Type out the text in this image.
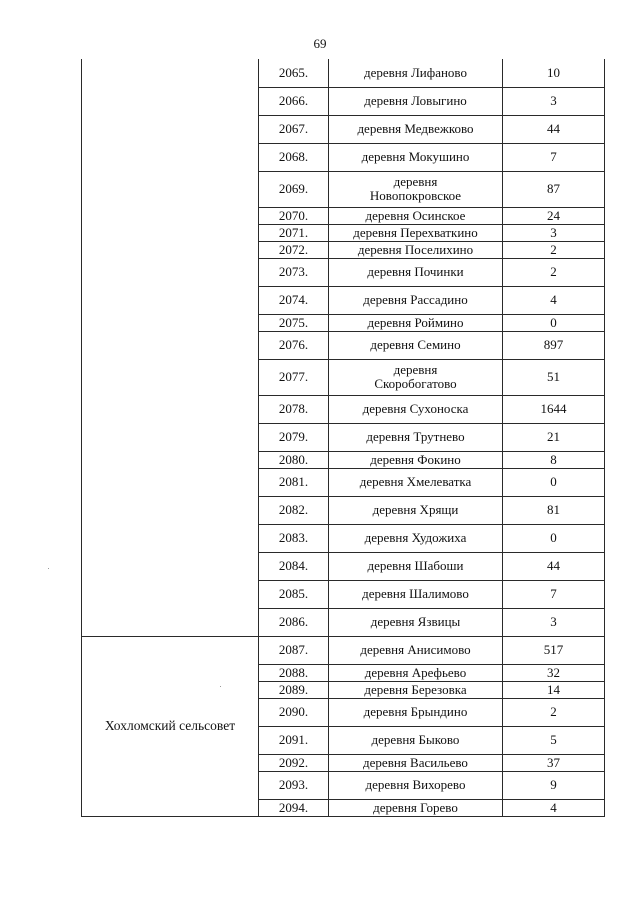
69
	2065.	деревня Лифаново	10
	2066.	деревня Ловыгино	3
	2067.	деревня Медвежково	44
	2068.	деревня Мокушино	7
	2069.	деревня
Новопокровское	87
	2070.	деревня Осинское	24
	2071.	деревня Перехваткино	3
	2072.	деревня Поселихино	2
	2073.	деревня Починки	2
	2074.	деревня Рассадино	4
	2075.	деревня Роймино	0
	2076.	деревня Семино	897
	2077.	деревня
Скоробогатово	51
	2078.	деревня Сухоноска	1644
	2079.	деревня Трутнево	21
	2080.	деревня Фокино	8
	2081.	деревня Хмелеватка	0
	2082.	деревня Хрящи	81
	2083.	деревня Художиха	0
	2084.	деревня Шабоши	44
	2085.	деревня Шалимово	7
	2086.	деревня Язвицы	3
Хохломский сельсовет	2087.	деревня Анисимово	517
	2088.	деревня Арефьево	32
	2089.	деревня Березовка	14
	2090.	деревня Брындино	2
	2091.	деревня Быково	5
	2092.	деревня Васильево	37
	2093.	деревня Вихорево	9
	2094.	деревня Горево	4
